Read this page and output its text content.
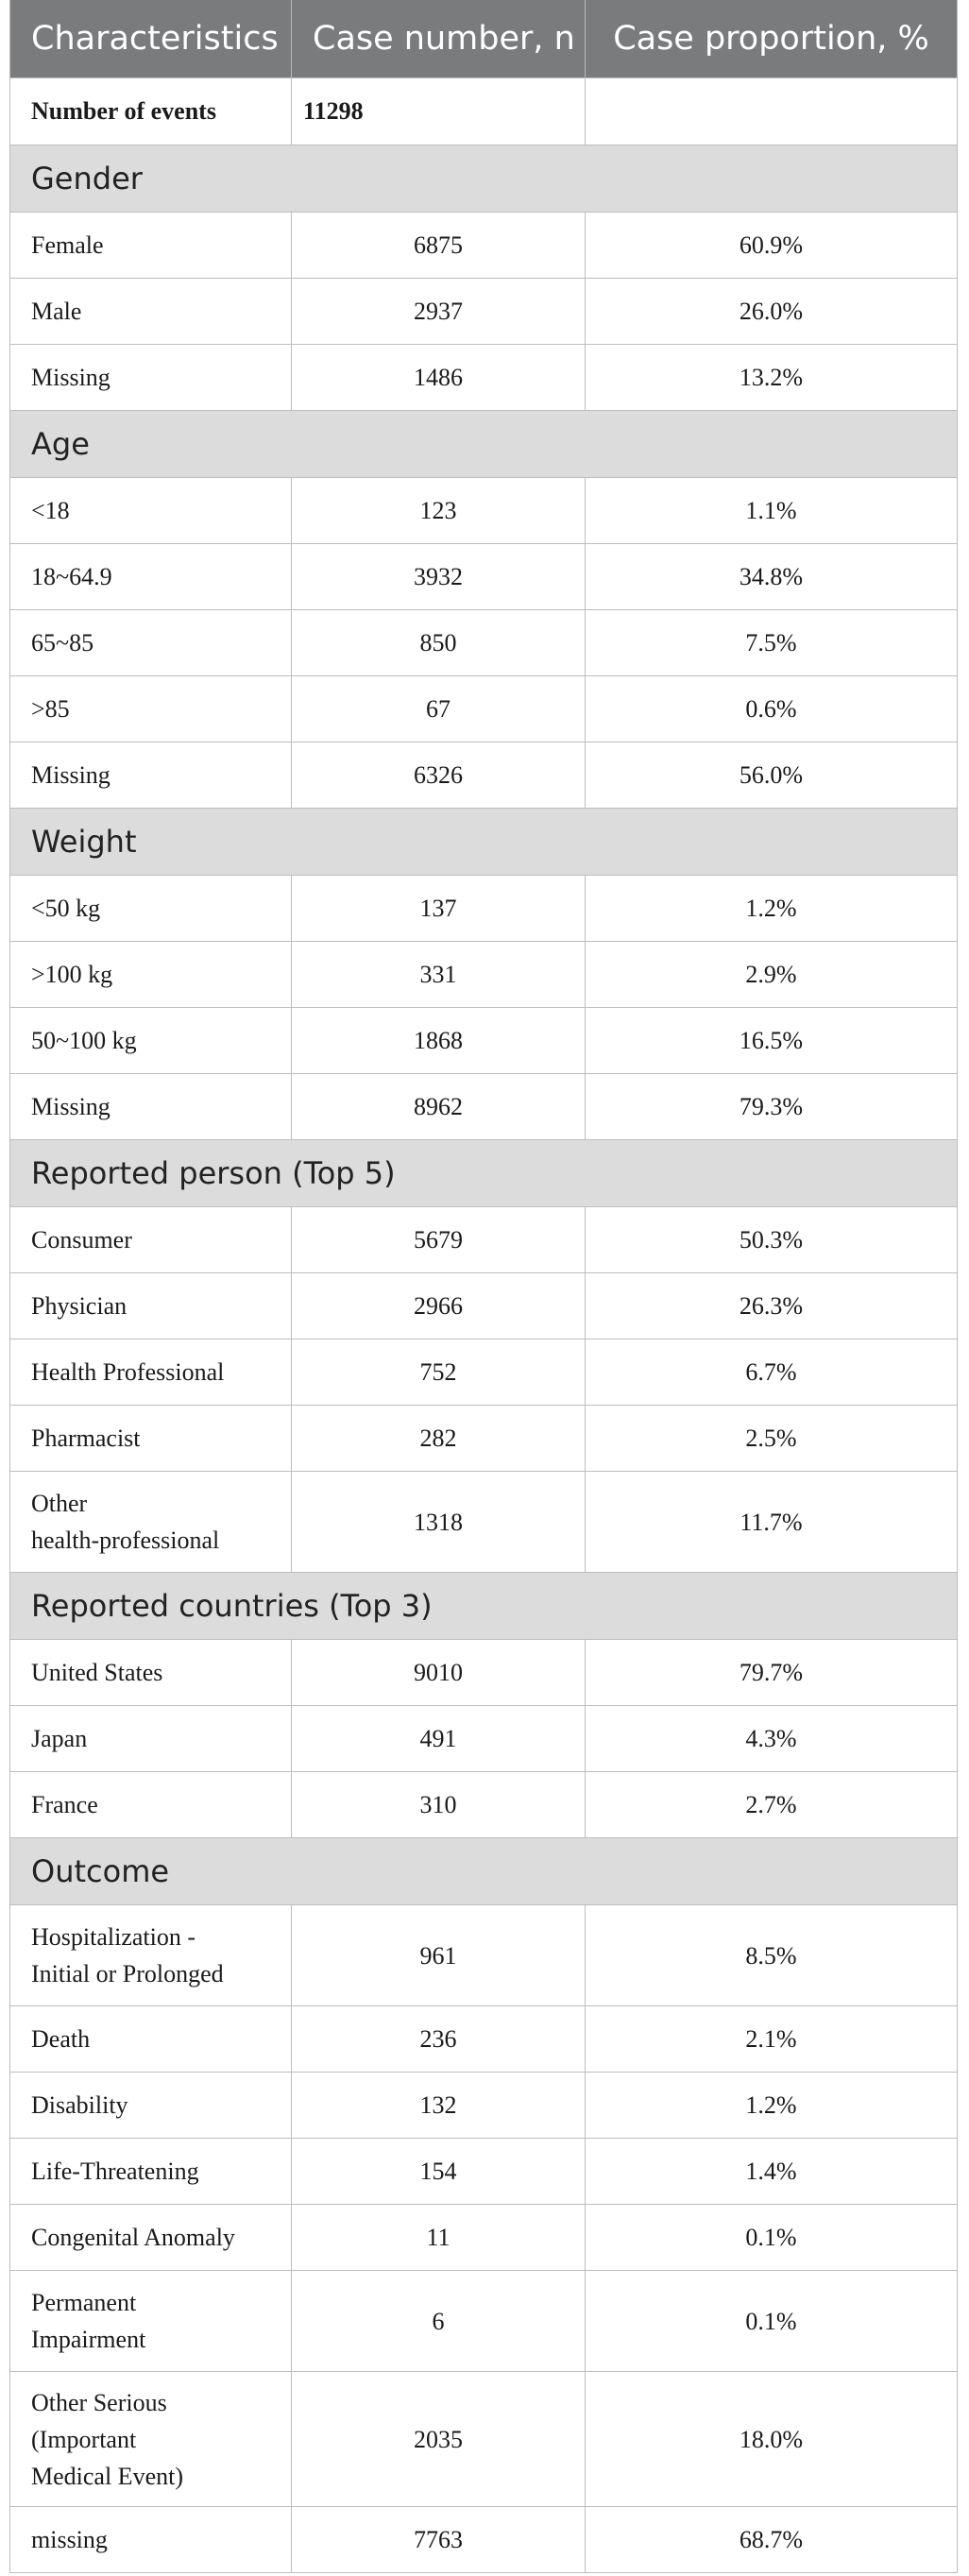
Characteristics	Case number, n	Case proportion, %
Number of events	11298	
Gender		

Female	6875	60.9%

Male	2937	26.0%

Missing	1486	13.2%
Age		

<18	123	1.1%

18~64.9	3932	34.8%

65~85	850	7.5%

>85	67	0.6%

Missing	6326	56.0%
Weight		

<50 kg	137	1.2%

>100 kg	331	2.9%

50~100 kg	1868	16.5%

Missing	8962	79.3%
Reported person (Top 5)		

Consumer	5679	50.3%

Physician	2966	26.3%

Health Professional	752	6.7%

Pharmacist	282	2.5%

Other
health-professional	1318	11.7%
Reported countries (Top 3)		

United States	9010	79.7%

Japan	491	4.3%

France	310	2.7%
Outcome		

Hospitalization -
Initial or Prolonged	961	8.5%

Death	236	2.1%

Disability	132	1.2%

Life-Threatening	154	1.4%

Congenital Anomaly	11	0.1%

Permanent
Impairment	6	0.1%

Other Serious
(Important
Medical Event)	2035	18.0%

missing	7763	68.7%
